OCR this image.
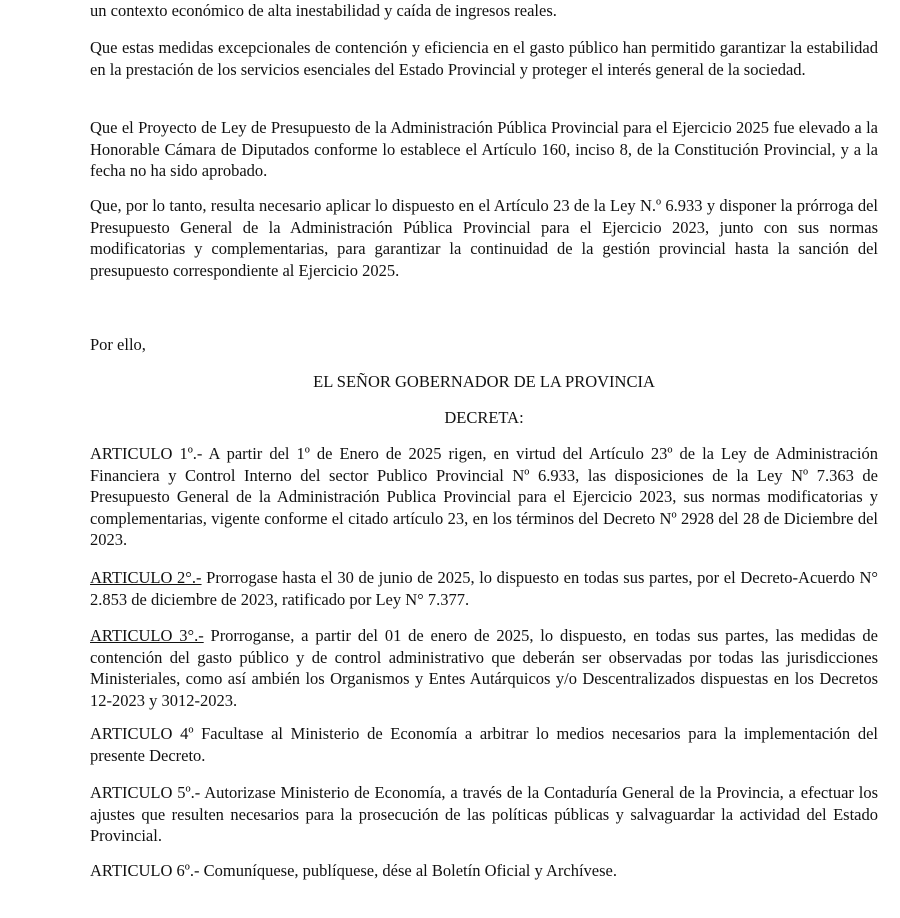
un contexto económico de alta inestabilidad y caída de ingresos reales.

Que estas medidas excepcionales de contención y eficiencia en el gasto público han permitido garantizar la estabilidad en la prestación de los servicios esenciales del Estado Provincial y proteger el interés general de la sociedad.

Que el Proyecto de Ley de Presupuesto de la Administración Pública Provincial para el Ejercicio 2025 fue elevado a la Honorable Cámara de Diputados conforme lo establece el Artículo 160, inciso 8, de la Constitución Provincial, y a la fecha no ha sido aprobado.

Que, por lo tanto, resulta necesario aplicar lo dispuesto en el Artículo 23 de la Ley N.º 6.933 y disponer la prórroga del Presupuesto General de la Administración Pública Provincial para el Ejercicio 2023, junto con sus normas modificatorias y complementarias, para garantizar la continuidad de la gestión provincial hasta la sanción del presupuesto correspondiente al Ejercicio 2025.

Por ello,

EL SEÑOR GOBERNADOR DE LA PROVINCIA

DECRETA:

ARTICULO 1º.- A partir del 1º de Enero de 2025 rigen, en virtud del Artículo 23º de la Ley de Administración Financiera y Control Interno del sector Publico Provincial Nº 6.933, las disposiciones de la Ley Nº 7.363 de Presupuesto General de la Administración Publica Provincial para el Ejercicio 2023, sus normas modificatorias y complementarias, vigente conforme el citado artículo 23, en los términos del Decreto Nº 2928 del 28 de Diciembre del 2023.

ARTICULO 2°.- Prorrogase hasta el 30 de junio de 2025, lo dispuesto en todas sus partes, por el Decreto-Acuerdo N° 2.853 de diciembre de 2023, ratificado por Ley N° 7.377.

ARTICULO 3°.- Prorroganse, a partir del 01 de enero de 2025, lo dispuesto, en todas sus partes, las medidas de contención del gasto público y de control administrativo que deberán ser observadas por todas las jurisdicciones Ministeriales, como así ambién los Organismos y Entes Autárquicos y/o Descentralizados dispuestas en los Decretos 12-2023 y 3012-2023.

ARTICULO 4º Facultase al Ministerio de Economía a arbitrar lo medios necesarios para la implementación del presente Decreto.

ARTICULO 5º.- Autorizase Ministerio de Economía, a través de la Contaduría General de la Provincia, a efectuar los ajustes que resulten necesarios para la prosecución de las políticas públicas y salvaguardar la actividad del Estado Provincial.

ARTICULO 6º.- Comuníquese, publíquese, dése al Boletín Oficial y Archívese.
